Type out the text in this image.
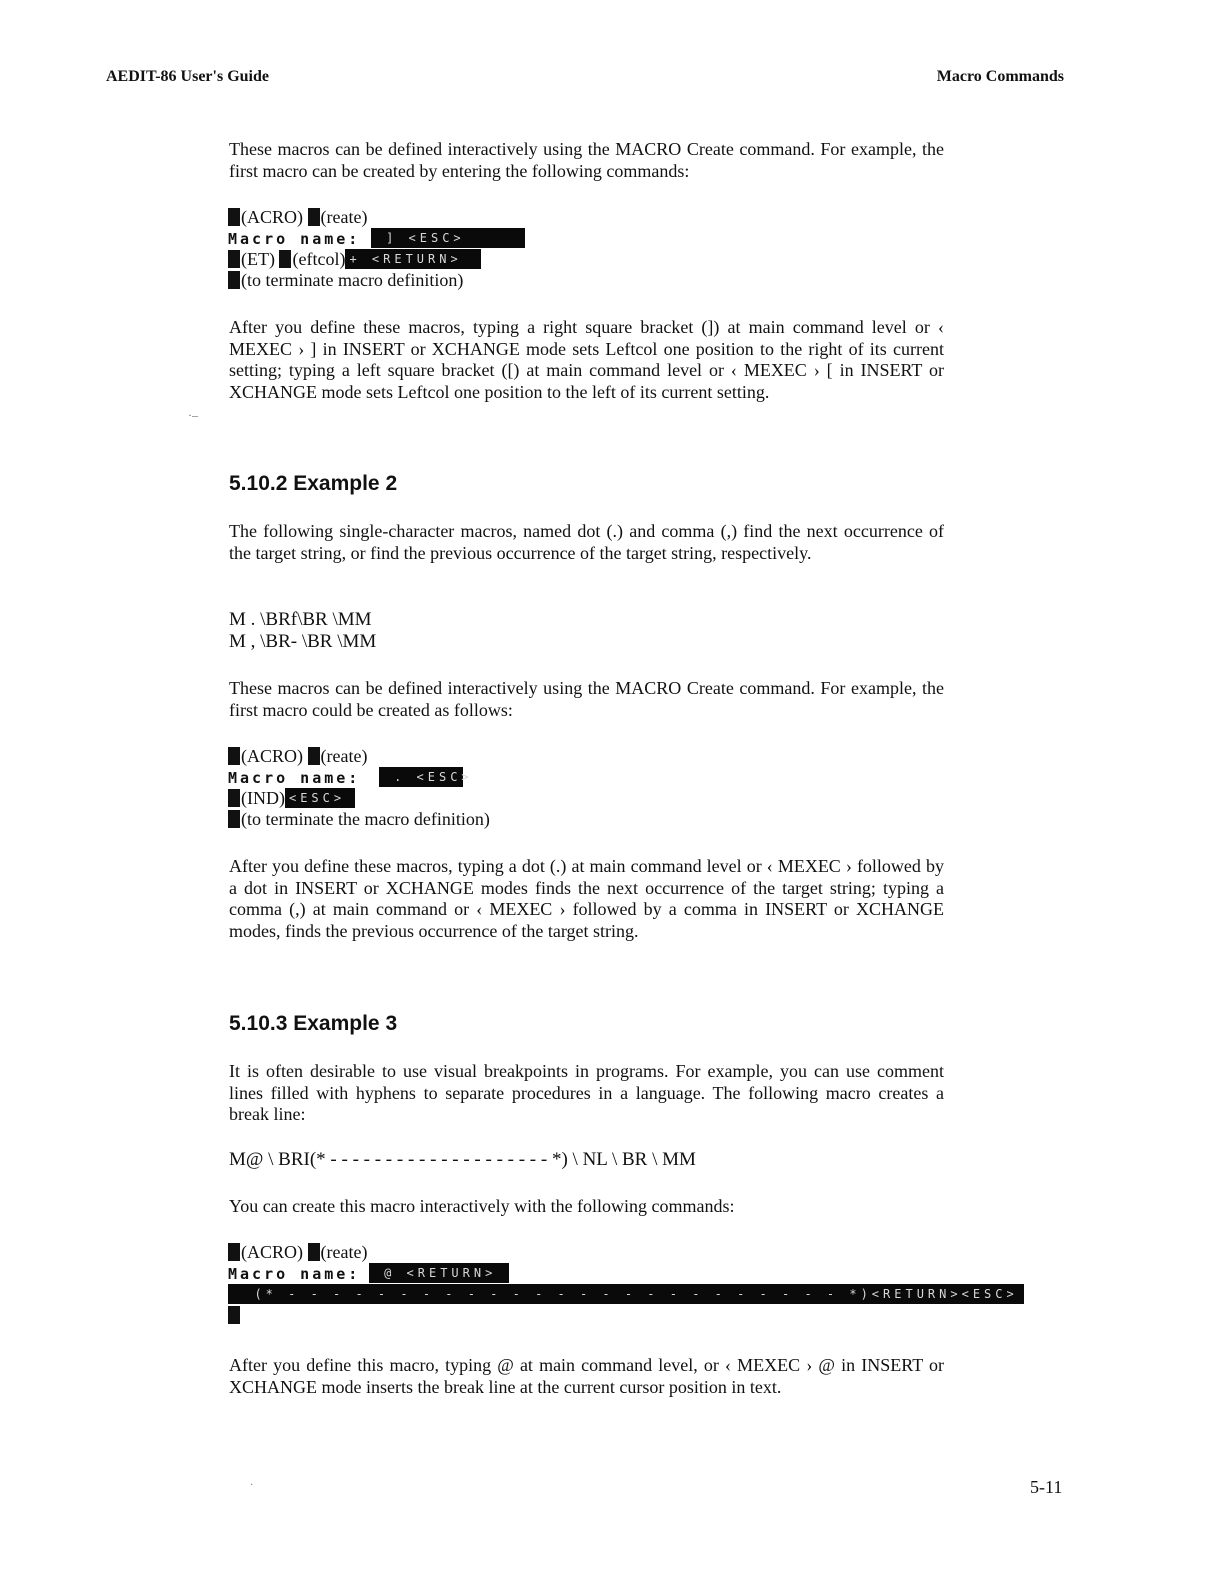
AEDIT-86 User's Guide	Macro Commands
These macros can be defined interactively using the MACRO Create command. For example, the first macro can be created by entering the following commands:
(ACRO) (reate)
Macro name:  ] <ESC>
(ET) (eftcol) + <RETURN>
(to terminate macro definition)
After you define these macros, typing a right square bracket (]) at main command level or ‹ MEXEC › ] in INSERT or XCHANGE mode sets Leftcol one position to the right of its current setting; typing a left square bracket ([) at main command level or ‹ MEXEC › [ in INSERT or XCHANGE mode sets Leftcol one position to the left of its current setting.
·–
5.10.2 Example 2
The following single-character macros, named dot (.) and comma (,) find the next occurrence of the target string, or find the previous occurrence of the target string, respectively.
M . \BRf\BR \MM
M , \BR- \BR \MM
These macros can be defined interactively using the MACRO Create command. For example, the first macro could be created as follows:
(ACRO) (reate)
Macro name:  . <ESC>
(IND) <ESC>
(to terminate the macro definition)
After you define these macros, typing a dot (.) at main command level or ‹ MEXEC › followed by a dot in INSERT or XCHANGE modes finds the next occurrence of the target string; typing a comma (,) at main command or ‹ MEXEC › followed by a comma in INSERT or XCHANGE modes, finds the previous occurrence of the target string.
5.10.3 Example 3
It is often desirable to use visual breakpoints in programs. For example, you can use comment lines filled with hyphens to separate procedures in a language. The following macro creates a break line:
M@ \ BRI(* - - - - - - - - - - - - - - - - - - - - *) \ NL \ BR \ MM
You can create this macro interactively with the following commands:
(ACRO) (reate)
Macro name:  @ <RETURN>
(* - - - - - - - - - - - - - - - - - - - - - - - - - *)<RETURN><ESC>
After you define this macro, typing @ at main command level, or ‹ MEXEC › @ in INSERT or XCHANGE mode inserts the break line at the current cursor position in text.
·	5-11
